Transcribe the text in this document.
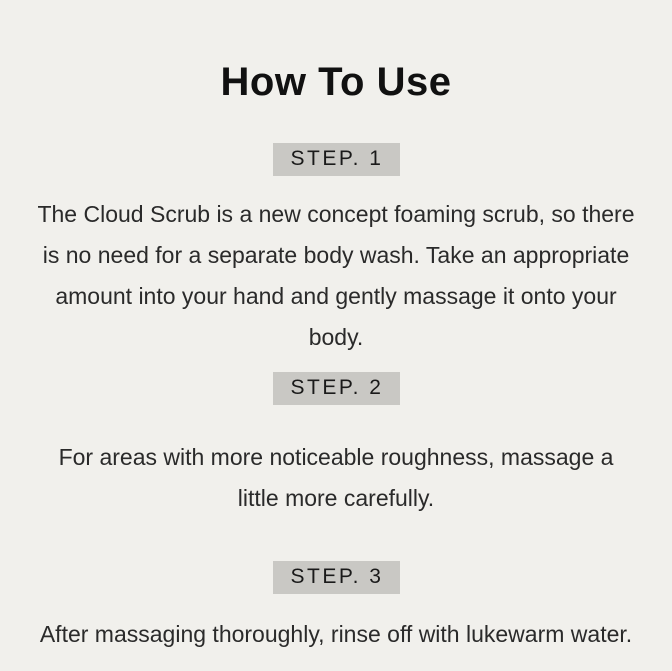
How To Use
STEP. 1

The Cloud Scrub is a new concept foaming scrub, so there is no need for a separate body wash. Take an appropriate amount into your hand and gently massage it onto your body.

STEP. 2

For areas with more noticeable roughness, massage a little more carefully.

STEP. 3

After massaging thoroughly, rinse off with lukewarm water.
